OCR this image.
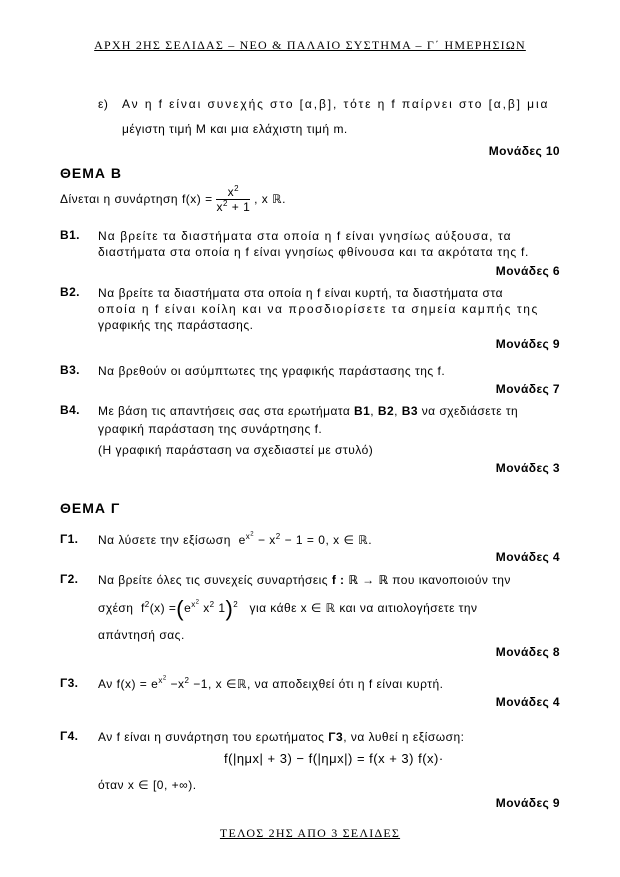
ΑΡΧΗ 2ΗΣ ΣΕΛΙΔΑΣ – ΝΕΟ & ΠΑΛΑΙΟ ΣΥΣΤΗΜΑ – Γ΄ ΗΜΕΡΗΣΙΩΝ
ε) Αν η f είναι συνεχής στο [α,β], τότε η f παίρνει στο [α,β] μια
μέγιστη τιμή Μ και μια ελάχιστη τιμή m.
Μονάδες 10
ΘΕΜΑ Β
Δίνεται η συνάρτηση $f(x) = \frac{x^2}{x^2 + 1}$ , x ℝ.
Β1. Να βρείτε τα διαστήματα στα οποία η f είναι γνησίως αύξουσα, τα
διαστήματα στα οποία η f είναι γνησίως φθίνουσα και τα ακρότατα της f.
Μονάδες 6
Β2. Να βρείτε τα διαστήματα στα οποία η f είναι κυρτή, τα διαστήματα στα
οποία η f είναι κοίλη και να προσδιορίσετε τα σημεία καμπής της
γραφικής της παράστασης.
Μονάδες 9
Β3. Να βρεθούν οι ασύμπτωτες της γραφικής παράστασης της f.
Μονάδες 7
Β4. Με βάση τις απαντήσεις σας στα ερωτήματα Β1, Β2, Β3 να σχεδιάσετε τη
γραφική παράσταση της συνάρτησης f.
(Η γραφική παράσταση να σχεδιαστεί με στυλό)
Μονάδες 3
ΘΕΜΑ Γ
Γ1. Να λύσετε την εξίσωση $e^{x^2} - x^2 - 1 = 0$, x ∈ ℝ.
Μονάδες 4
Γ2. Να βρείτε όλες τις συνεχείς συναρτήσεις f : ℝ → ℝ που ικανοποιούν την
σχέση $f^2(x) =(e^{x^2}$ $x^2$ 1)$^2$ για κάθε x ∈ ℝ και να αιτιολογήσετε την
απάντησή σας.
Μονάδες 8
Γ3. Αν $f(x) = e^{x^2} -x^2 -1$, x ∈ℝ, να αποδειχθεί ότι η f είναι κυρτή.
Μονάδες 4
Γ4. Αν f είναι η συνάρτηση του ερωτήματος Γ3, να λυθεί η εξίσωση:
f(|ημx| + 3) − f(|ημx|) = f(x + 3) f(x)·
όταν x ∈ [0, +∞).
Μονάδες 9
ΤΕΛΟΣ 2ΗΣ ΑΠΟ 3 ΣΕΛΙΔΕΣ
